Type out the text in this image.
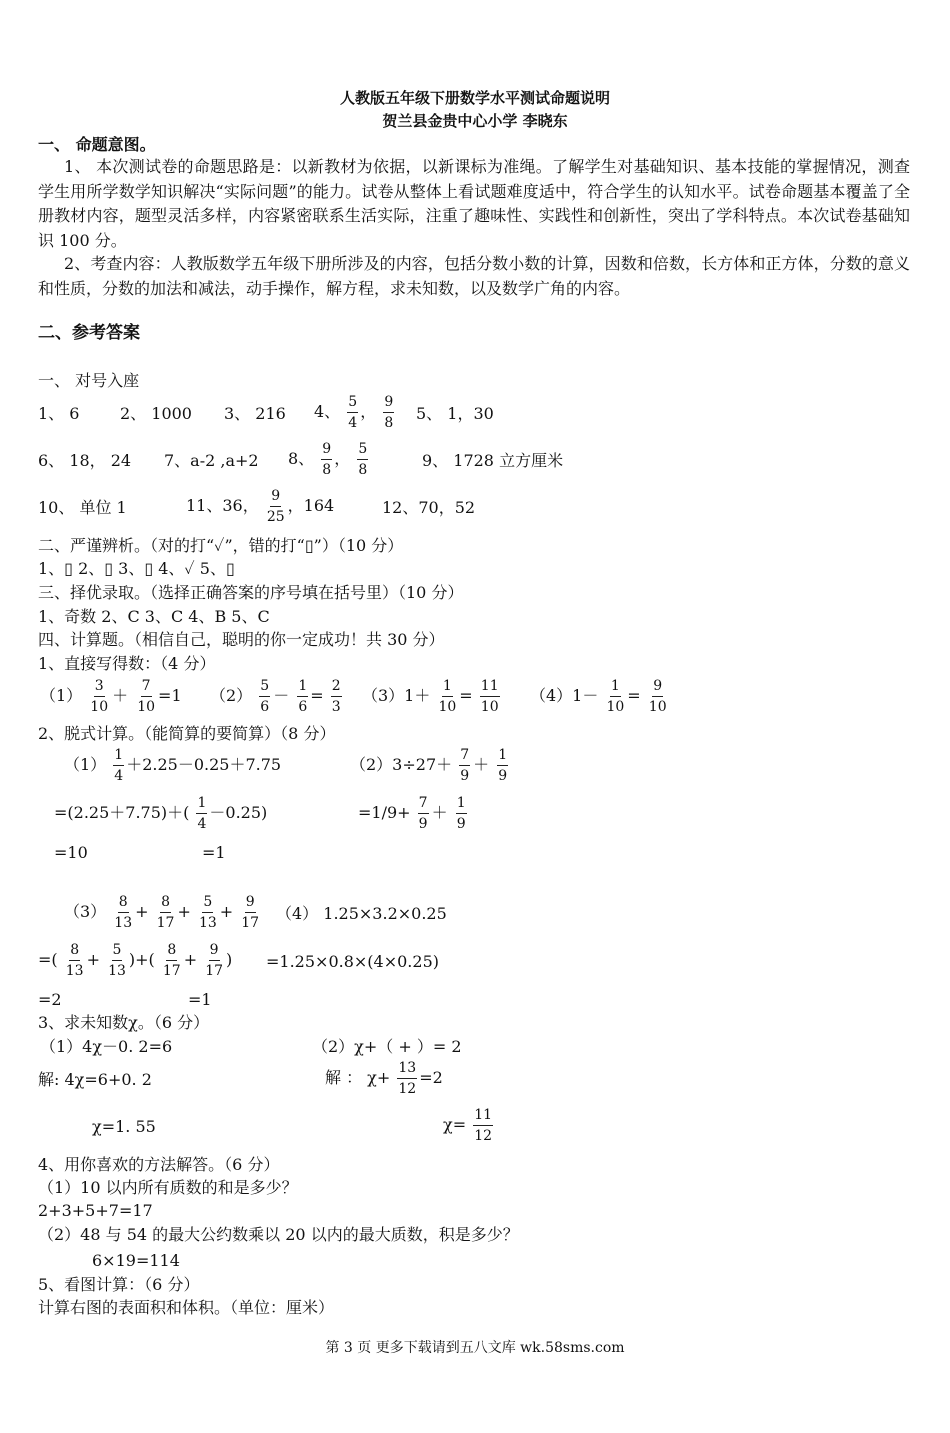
人教版五年级下册数学水平测试命题说明
贺兰县金贵中心小学 李晓东
一、 命题意图。
1、 本次测试卷的命题思路是：以新教材为依据，以新课标为准绳。了解学生对基础知识、基本技能的掌握情况，测查学生用所学数学知识解决“实际问题”的能力。试卷从整体上看试题难度适中，符合学生的认知水平。试卷命题基本覆盖了全册教材内容，题型灵活多样，内容紧密联系生活实际，注重了趣味性、实践性和创新性，突出了学科特点。本次试卷基础知识 100 分。
2、考查内容：人教版数学五年级下册所涉及的内容，包括分数小数的计算，因数和倍数，长方体和正方体，分数的意义和性质，分数的加法和减法，动手操作，解方程，求未知数，以及数学广角的内容。
二、参考答案
一、 对号入座
1、 6	2、 1000 3、 216 4、 $\frac{5}{4}$ ， $\frac{9}{8} 5$、 1，30
6、 18， 24 7、a-2 ,a+2 8、 $\frac{9}{8}$ ， $\frac{5}{8}$	9、 1728 立方厘米
10、 单位 1	11、36， $\frac{9}{25}$ ，164	12、70，52
二、严谨辨析。（对的打“✓”，错的打“▯”）（10 分）
1、▯ 2、▯ 3、▯ 4、✓ 5、▯
三、择优录取。（选择正确答案的序号填在括号里）（10 分）
1、奇数 2、C 3、C 4、B 5、C
四、计算题。（相信自己，聪明的你一定成功！共 30 分）
1、直接写得数：（4 分）
$(1) \frac{3}{10} + \frac{7}{10} =1$ $(2) \frac{5}{6} - \frac{1}{6} = \frac{2}{3} (3)1+ \frac{1}{10} = \frac{11}{10} (4)1- \frac{1}{10} = \frac{9}{10}$
2、脱式计算。（能简算的要简算）（8 分）
$(1) \frac{1}{4} +2.25-0.25+7.75$	$(2)3\div 27+ \frac{7}{9} + \frac{1}{9}$
$=(2.25+7.75)+( \frac{1}{4} -0.25)$	$=1/9+ \frac{7}{9} + \frac{1}{9}$
=10	=1
$(3) \frac{8}{13} + \frac{8}{17} + \frac{5}{13} + \frac{9}{17} (4)$ 1.25×3.2×0.25
=( $\frac{8}{13} + \frac{5}{13}$ )+( $\frac{8}{17} + \frac{9}{17}$ ) =1.25×0.8×(4×0.25)
=2	=1
3、求未知数χ。（6 分）
（1）4χ－0. 2=6	（2）χ+（ + ）= 2
解: 4χ=6+0. 2	解 ： $\chi+ \frac{13}{12} =2$
χ=1. 55	$\chi= \frac{11}{12}$
4、用你喜欢的方法解答。（6 分）
（1）10 以内所有质数的和是多少？
2+3+5+7=17
（2）48 与 54 的最大公约数乘以 20 以内的最大质数，积是多少？
6×19=114
5、看图计算：（6 分）
计算右图的表面积和体积。（单位：厘米）
第 3 页 更多下载请到五八文库 wk.58sms.com
